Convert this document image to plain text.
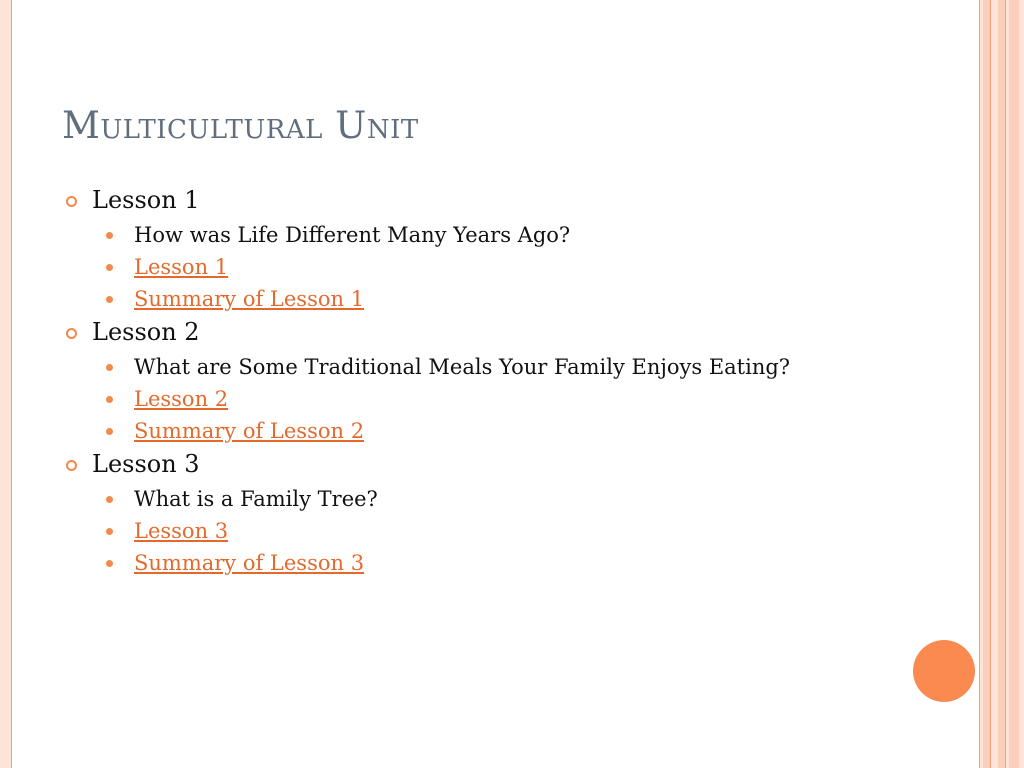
Multicultural Unit
Lesson 1
How was Life Different Many Years Ago?
Lesson 1
Summary of Lesson 1
Lesson 2
What are Some Traditional Meals Your Family Enjoys Eating?
Lesson 2
Summary of Lesson 2
Lesson 3
What is a Family Tree?
Lesson 3
Summary of Lesson 3
